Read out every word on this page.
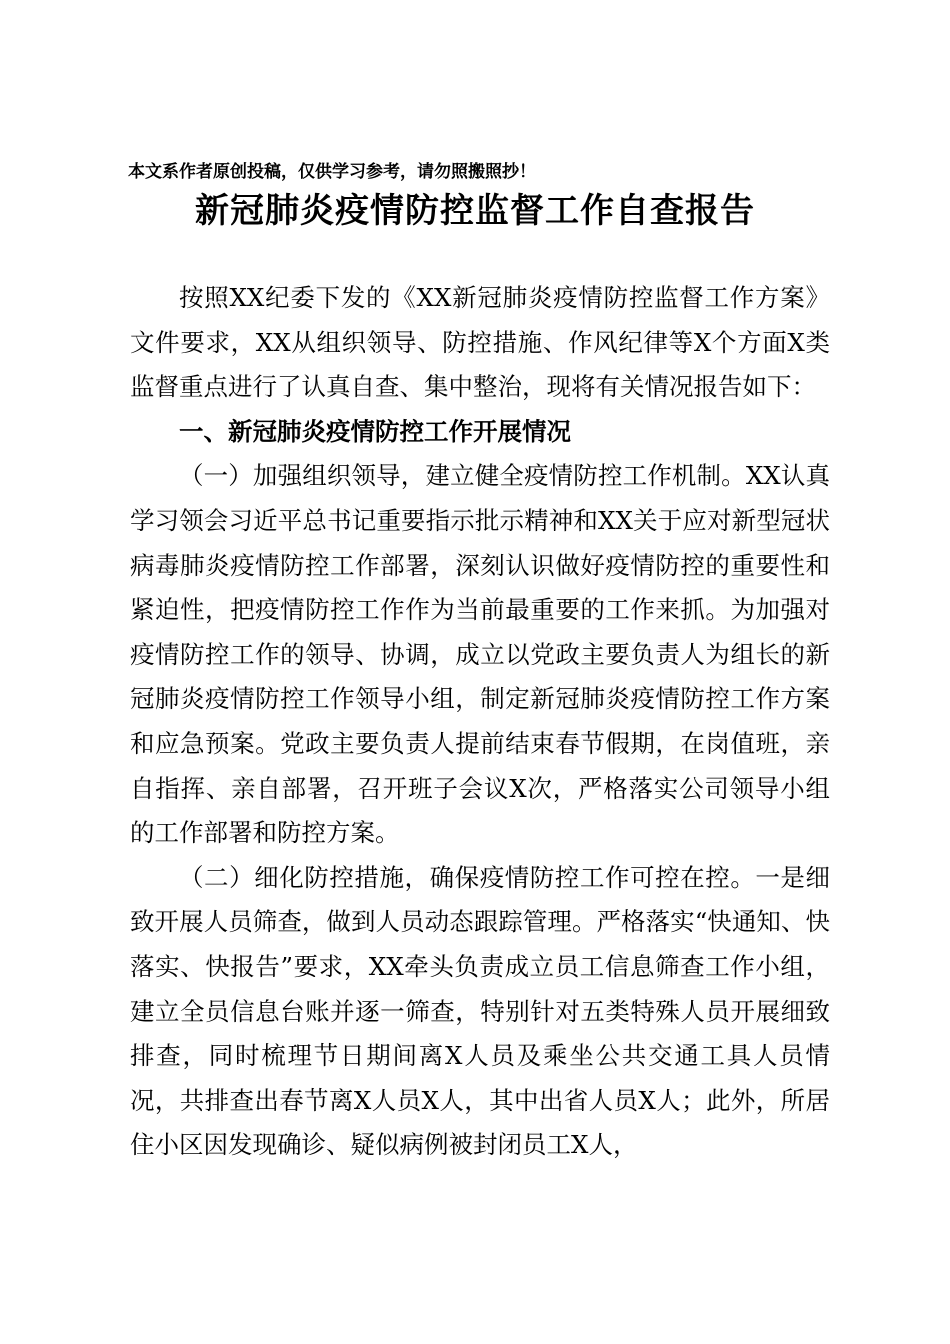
本文系作者原创投稿，仅供学习参考，请勿照搬照抄！
新冠肺炎疫情防控监督工作自查报告

按照XX纪委下发的《XX新冠肺炎疫情防控监督工作方案》文件要求，XX从组织领导、防控措施、作风纪律等X个方面X类监督重点进行了认真自查、集中整治，现将有关情况报告如下：

一、新冠肺炎疫情防控工作开展情况

（一）加强组织领导，建立健全疫情防控工作机制。XX认真学习领会习近平总书记重要指示批示精神和XX关于应对新型冠状病毒肺炎疫情防控工作部署，深刻认识做好疫情防控的重要性和紧迫性，把疫情防控工作作为当前最重要的工作来抓。为加强对疫情防控工作的领导、协调，成立以党政主要负责人为组长的新冠肺炎疫情防控工作领导小组，制定新冠肺炎疫情防控工作方案和应急预案。党政主要负责人提前结束春节假期，在岗值班，亲自指挥、亲自部署，召开班子会议X次，严格落实公司领导小组的工作部署和防控方案。

（二）细化防控措施，确保疫情防控工作可控在控。一是细致开展人员筛查，做到人员动态跟踪管理。严格落实“快通知、快落实、快报告”要求，XX牵头负责成立员工信息筛查工作小组，建立全员信息台账并逐一筛查，特别针对五类特殊人员开展细致排查，同时梳理节日期间离X人员及乘坐公共交通工具人员情况，共排查出春节离X人员X人，其中出省人员X人；此外，所居住小区因发现确诊、疑似病例被封闭员工X人，
